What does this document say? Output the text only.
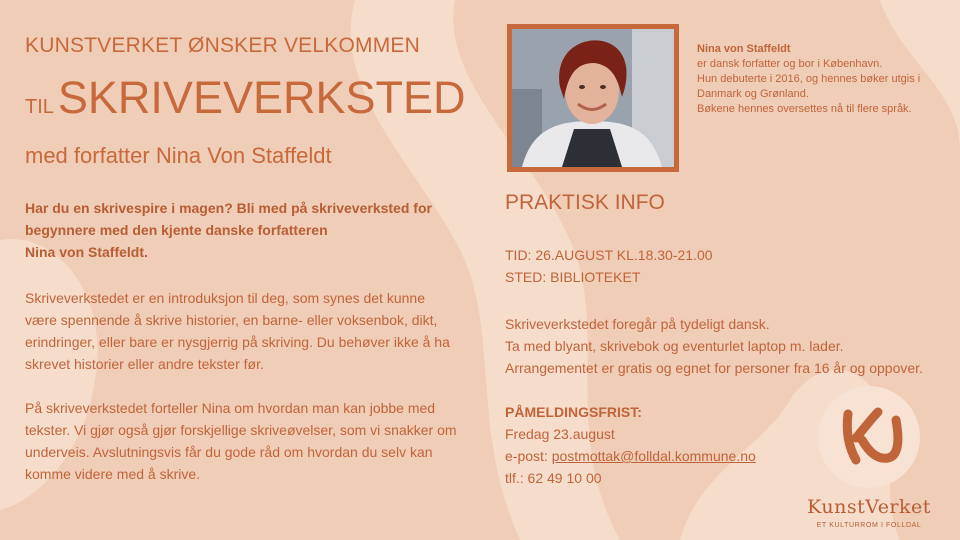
KUNSTVERKET ØNSKER VELKOMMEN
TILSKRIVEVERKSTED
med forfatter Nina Von Staffeldt
Har du en skrivespire i magen? Bli med på skriveverksted for
begynnere med den kjente danske forfatteren
Nina von Staffeldt.
Skriveverkstedet er en introduksjon til deg, som synes det kunne
være spennende å skrive historier, en barne- eller voksenbok, dikt,
erindringer, eller bare er nysgjerrig på skriving. Du behøver ikke å ha
skrevet historier eller andre tekster før.
På skriveverkstedet forteller Nina om hvordan man kan jobbe med
tekster. Vi gjør også gjør forskjellige skriveøvelser, som vi snakker om
underveis. Avslutningsvis får du gode råd om hvordan du selv kan
komme videre med å skrive.
Nina von Staffeldt
er dansk forfatter og bor i København.
Hun debuterte i 2016, og hennes bøker utgis i
Danmark og Grønland.
Bøkene hennes oversettes nå til flere språk.
PRAKTISK INFO
TID: 26.AUGUST KL.18.30-21.00
STED: BIBLIOTEKET
Skriveverkstedet foregår på tydeligt dansk.
Ta med blyant, skrivebok og eventurlet laptop m. lader.
Arrangementet er gratis og egnet for personer fra 16 år og oppover.
PÅMELDINGSFRIST:
Fredag 23.august
e-post: postmottak@folldal.kommune.no
tlf.: 62 49 10 00
KunstVerket
ET KULTURROM I FOLLDAL
